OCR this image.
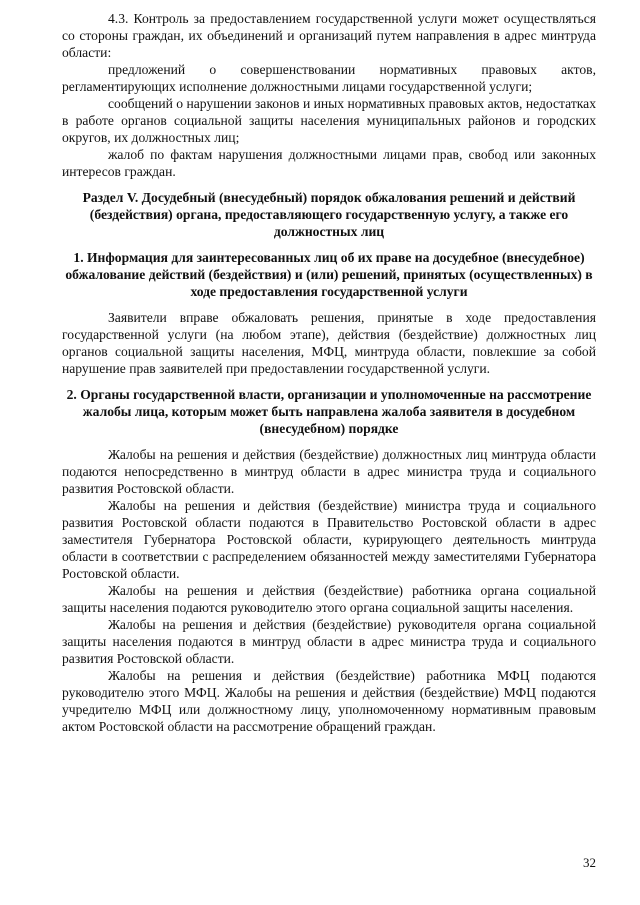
4.3. Контроль за предоставлением государственной услуги может осуществляться со стороны граждан, их объединений и организаций путем направления в адрес минтруда области:

предложений о совершенствовании нормативных правовых актов, регламентирующих исполнение должностными лицами государственной услуги;

сообщений о нарушении законов и иных нормативных правовых актов, недостатках в работе органов социальной защиты населения муниципальных районов и городских округов, их должностных лиц;

жалоб по фактам нарушения должностными лицами прав, свобод или законных интересов граждан.

Раздел V. Досудебный (внесудебный) порядок обжалования решений и действий (бездействия) органа, предоставляющего государственную услугу, а также его должностных лиц
1. Информация для заинтересованных лиц об их праве на досудебное (внесудебное) обжалование действий (бездействия) и (или) решений, принятых (осуществленных) в ходе предоставления государственной услуги

Заявители вправе обжаловать решения, принятые в ходе предоставления государственной услуги (на любом этапе), действия (бездействие) должностных лиц органов социальной защиты населения, МФЦ, минтруда области, повлекшие за собой нарушение прав заявителей при предоставлении государственной услуги.

2. Органы государственной власти, организации и уполномоченные на рассмотрение жалобы лица, которым может быть направлена жалоба заявителя в досудебном (внесудебном) порядке

Жалобы на решения и действия (бездействие) должностных лиц минтруда области подаются непосредственно в минтруд области в адрес министра труда и социального развития Ростовской области.

Жалобы на решения и действия (бездействие) министра труда и социального развития Ростовской области подаются в Правительство Ростовской области в адрес заместителя Губернатора Ростовской области, курирующего деятельность минтруда области в соответствии с распределением обязанностей между заместителями Губернатора Ростовской области.

Жалобы на решения и действия (бездействие) работника органа социальной защиты населения подаются руководителю этого органа социальной защиты населения.

Жалобы на решения и действия (бездействие) руководителя органа социальной защиты населения подаются в минтруд области в адрес министра труда и социального развития Ростовской области.

Жалобы на решения и действия (бездействие) работника МФЦ подаются руководителю этого МФЦ. Жалобы на решения и действия (бездействие) МФЦ подаются учредителю МФЦ или должностному лицу, уполномоченному нормативным правовым актом Ростовской области на рассмотрение обращений граждан.

32
